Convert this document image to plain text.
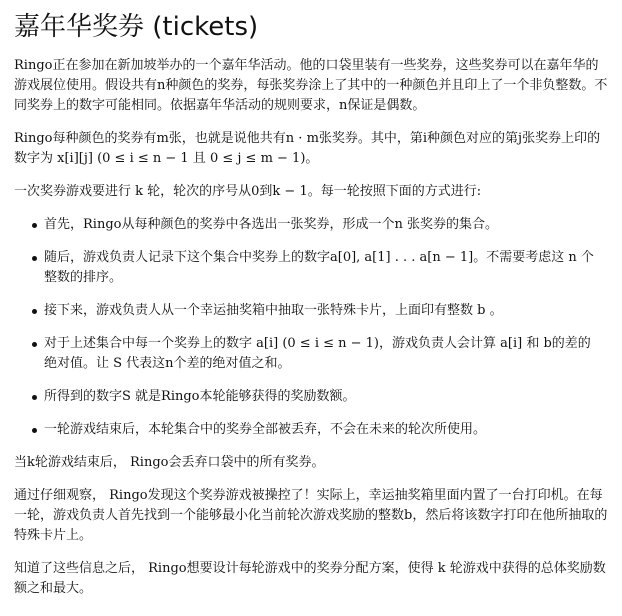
嘉年华奖券 (tickets)

Ringo正在参加在新加坡举办的一个嘉年华活动。他的口袋里装有一些奖券，这些奖券可以在嘉年华的游戏展位使用。假设共有n种颜色的奖券，每张奖券涂上了其中的一种颜色并且印上了一个非负整数。不同奖券上的数字可能相同。依据嘉年华活动的规则要求，n保证是偶数。

Ringo每种颜色的奖券有m张，也就是说他共有n · m张奖券。其中，第i种颜色对应的第j张奖券上印的数字为 x[i][j] (0 ≤ i ≤ n − 1 且 0 ≤ j ≤ m − 1)。

一次奖券游戏要进行 k 轮，轮次的序号从0到k − 1。每一轮按照下面的方式进行:

首先，Ringo从每种颜色的奖券中各选出一张奖券，形成一个n 张奖券的集合。
随后，游戏负责人记录下这个集合中奖券上的数字a[0], a[1] . . . a[n − 1]。不需要考虑这 n 个整数的排序。
接下来，游戏负责人从一个幸运抽奖箱中抽取一张特殊卡片，上面印有整数 b 。
对于上述集合中每一个奖券上的数字 a[i] (0 ≤ i ≤ n − 1)，游戏负责人会计算 a[i] 和 b的差的绝对值。让 S 代表这n个差的绝对值之和。
所得到的数字S 就是Ringo本轮能够获得的奖励数额。
一轮游戏结束后，本轮集合中的奖券全部被丢弃，不会在未来的轮次所使用。

当k轮游戏结束后， Ringo会丢弃口袋中的所有奖券。

通过仔细观察， Ringo发现这个奖券游戏被操控了！实际上，幸运抽奖箱里面内置了一台打印机。在每一轮，游戏负责人首先找到一个能够最小化当前轮次游戏奖励的整数b，然后将该数字打印在他所抽取的特殊卡片上。

知道了这些信息之后， Ringo想要设计每轮游戏中的奖券分配方案，使得 k 轮游戏中获得的总体奖励数额之和最大。
